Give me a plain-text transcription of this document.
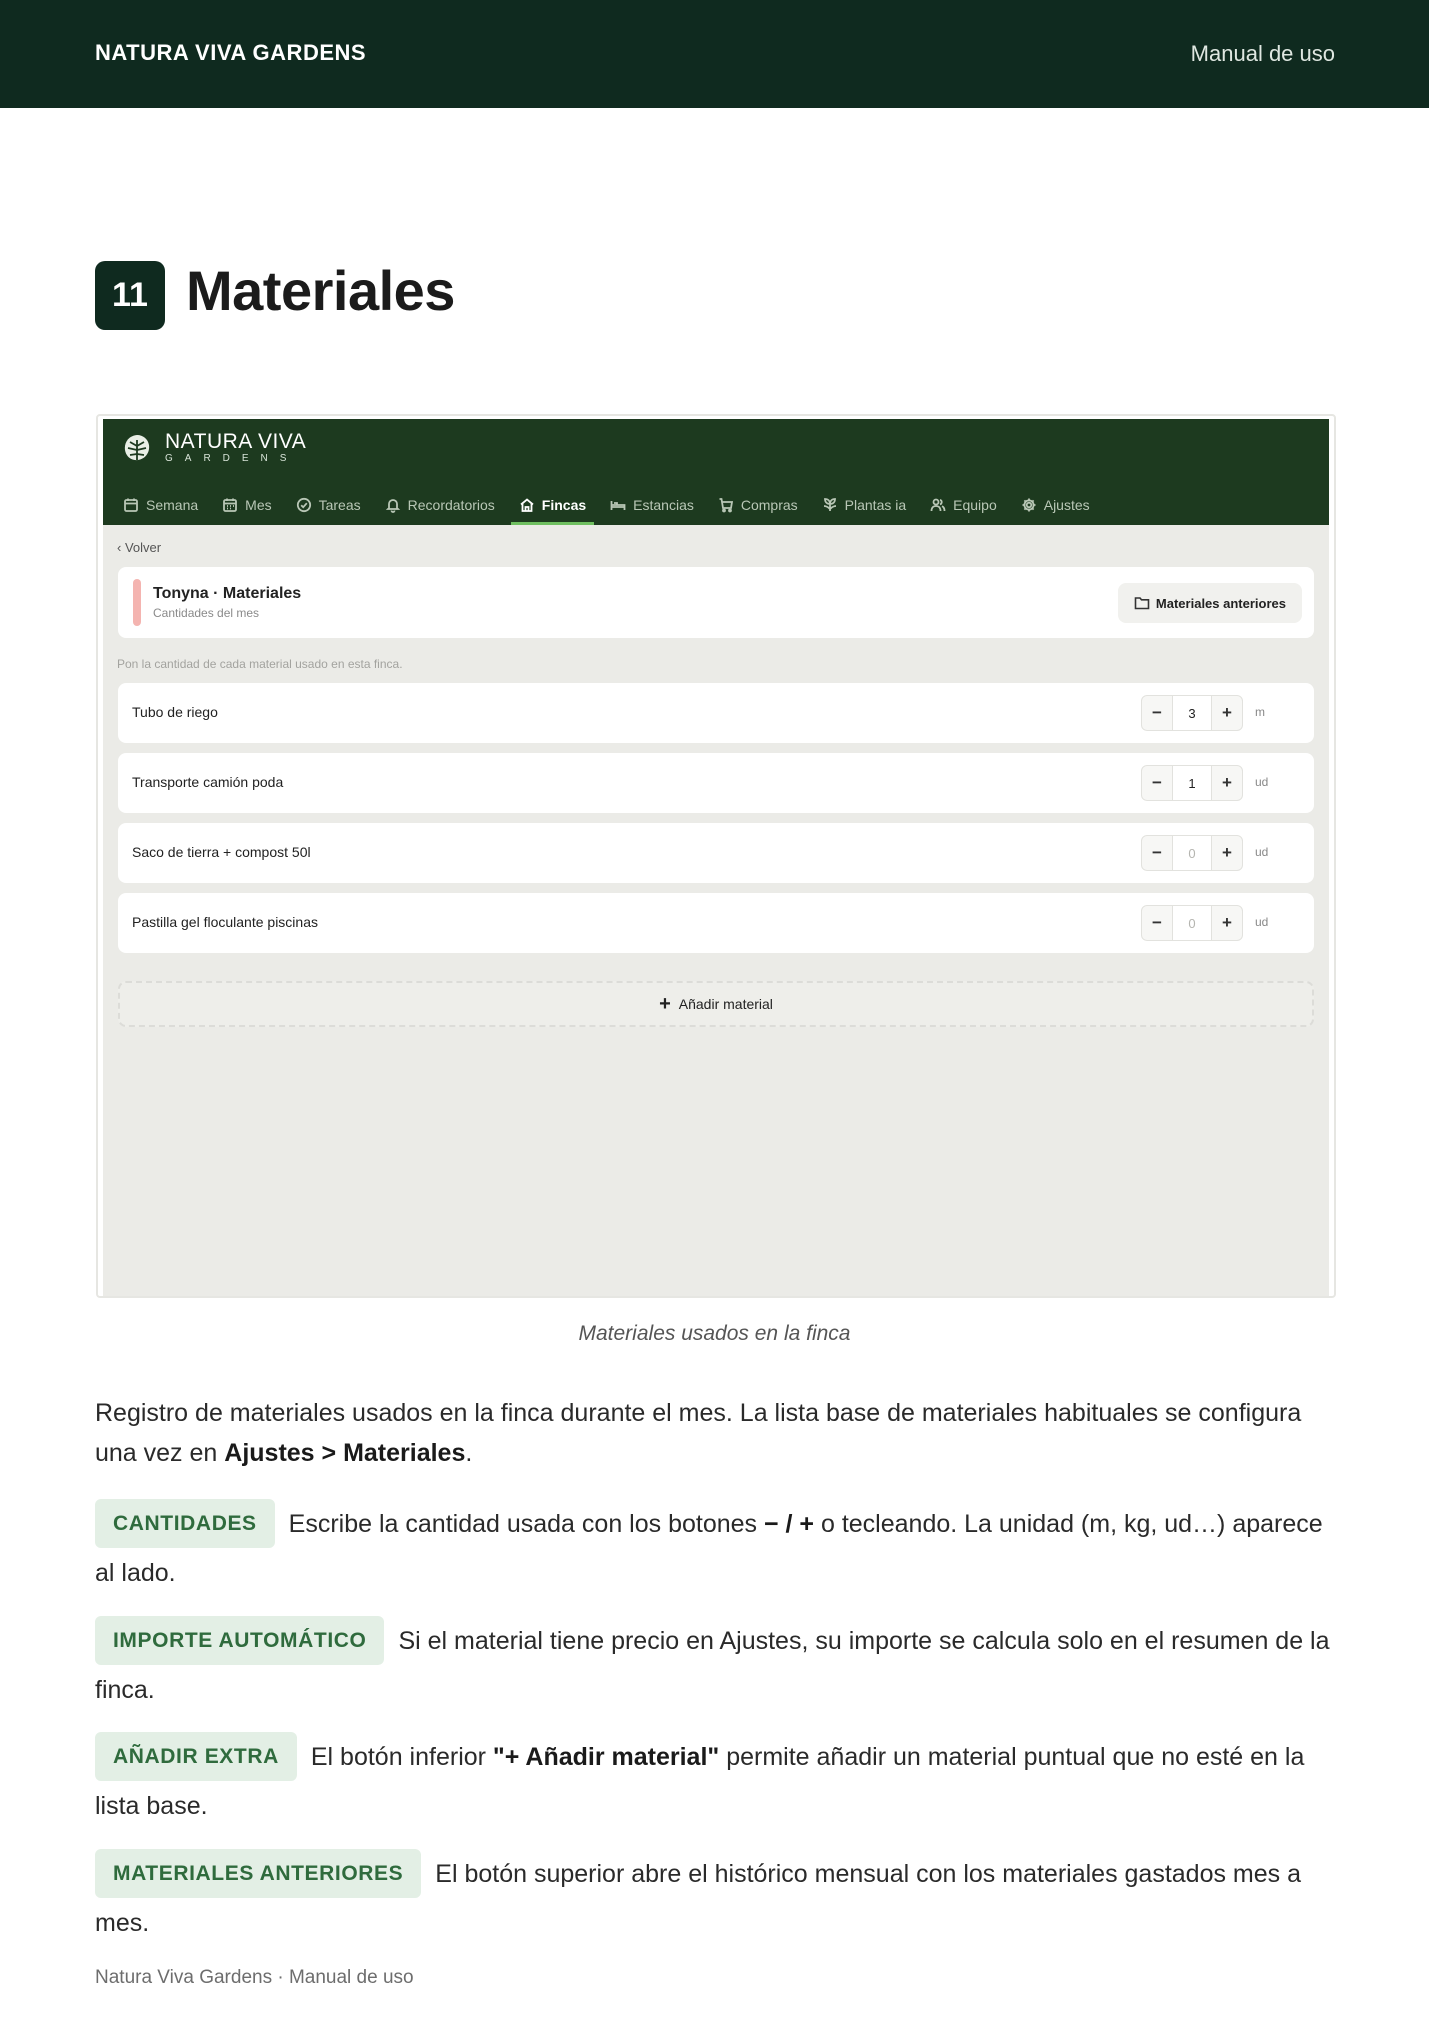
NATURA VIVA GARDENS	Manual de uso
11 Materiales
NATURA VIVA
GARDENS
Semana	Mes	Tareas	Recordatorios	Fincas	Estancias	Compras	Plantas ia	Equipo	Ajustes
‹ Volver
Tonyna · Materiales
Cantidades del mes
Materiales anteriores
Pon la cantidad de cada material usado en esta finca.
Tubo de riego	−	3	+	m
Transporte camión poda	−	1	+	ud
Saco de tierra + compost 50l	−	0	+	ud
Pastilla gel floculante piscinas	−	0	+	ud
+ Añadir material
Materiales usados en la finca
Registro de materiales usados en la finca durante el mes. La lista base de materiales habituales se configura una vez en Ajustes > Materiales.
CANTIDADES Escribe la cantidad usada con los botones − / + o tecleando. La unidad (m, kg, ud…) aparece al lado.
IMPORTE AUTOMÁTICO Si el material tiene precio en Ajustes, su importe se calcula solo en el resumen de la finca.
AÑADIR EXTRA El botón inferior "+ Añadir material" permite añadir un material puntual que no esté en la lista base.
MATERIALES ANTERIORES El botón superior abre el histórico mensual con los materiales gastados mes a mes.
Natura Viva Gardens · Manual de uso
